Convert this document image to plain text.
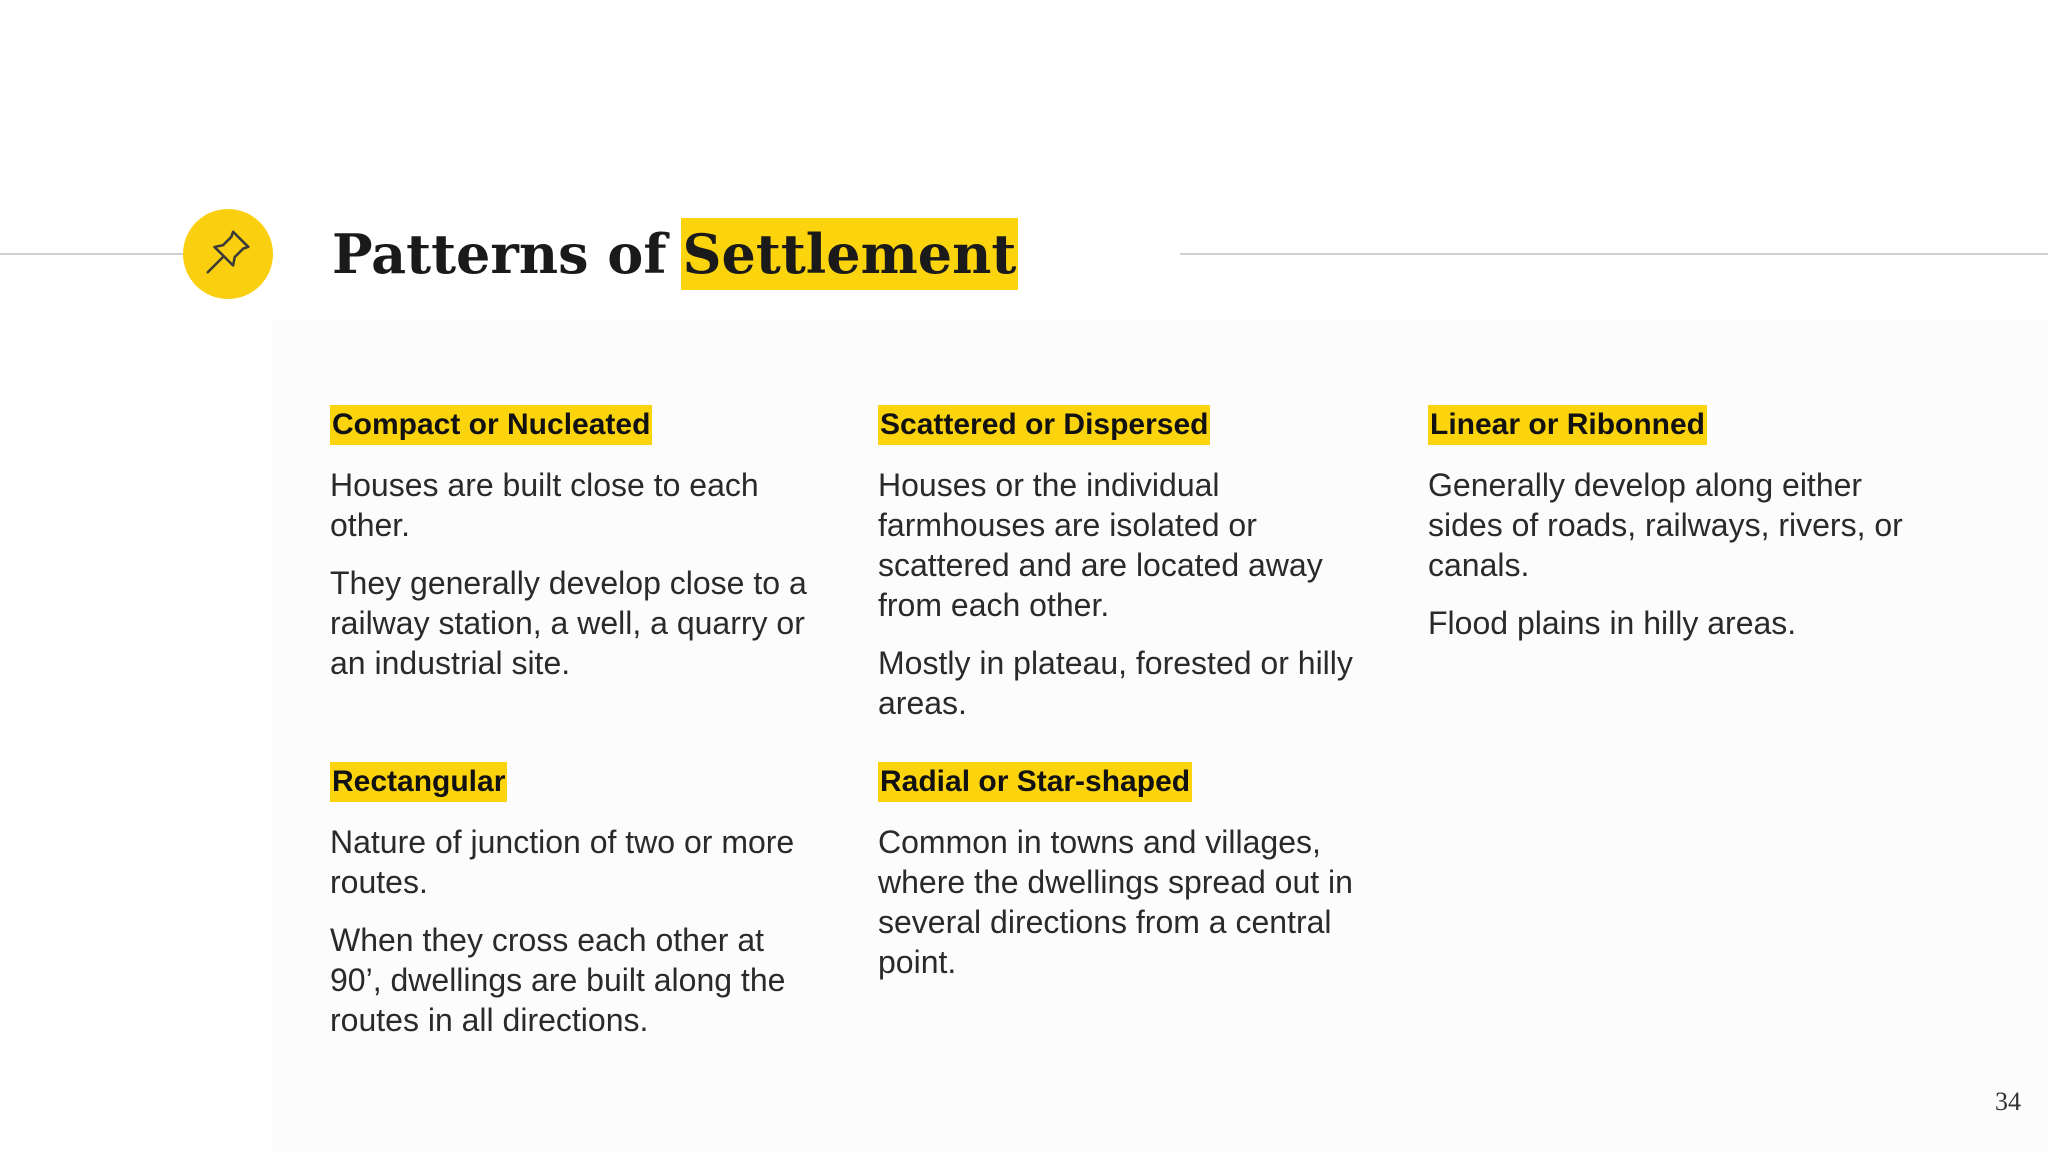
Patterns of Settlement
Compact or Nucleated

Houses are built close to each other.

They generally develop close to a railway station, a well, a quarry or an industrial site.

Scattered or Dispersed

Houses or the individual farmhouses are isolated or scattered and are located away from each other.

Mostly in plateau, forested or hilly areas.

Linear or Ribonned

Generally develop along either sides of roads, railways, rivers, or canals.

Flood plains in hilly areas.

Rectangular

Nature of junction of two or more routes.

When they cross each other at 90’, dwellings are built along the routes in all directions.

Radial or Star-shaped

Common in towns and villages, where the dwellings spread out in several directions from a central point.

34
